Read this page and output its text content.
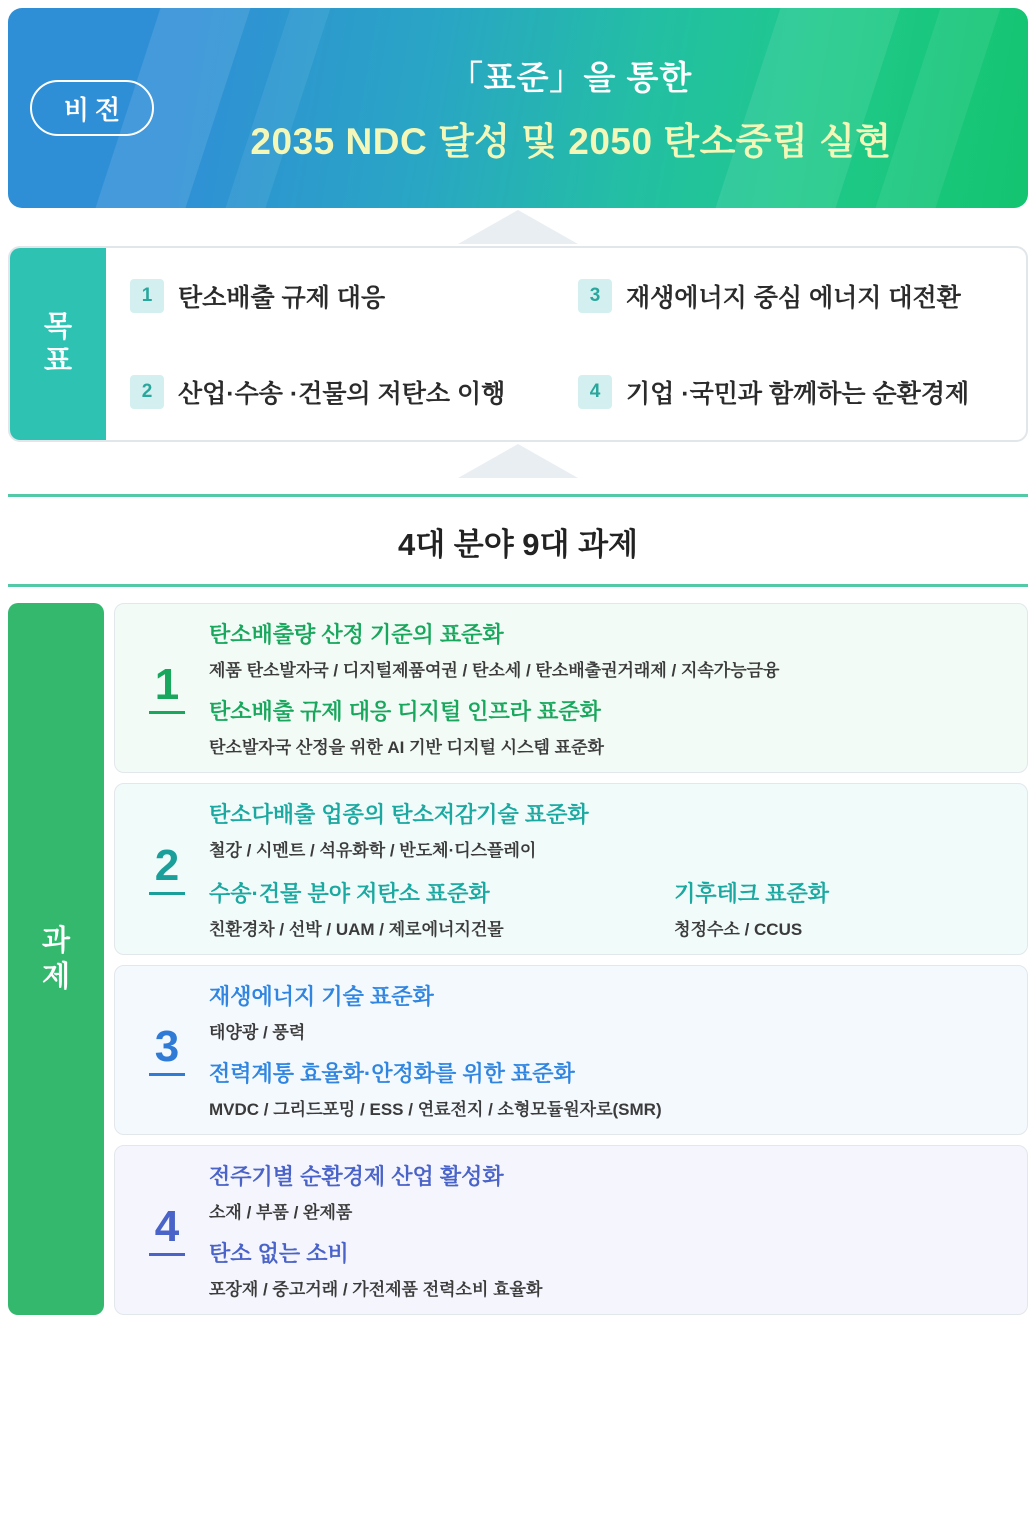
비전
「표준」을 통한
2035 NDC 달성 및 2050 탄소중립 실현
목
표
1	탄소배출 규제 대응	3	재생에너지 중심 에너지 대전환
2	산업·수송 ·건물의 저탄소 이행	4	기업 ·국민과 함께하는 순환경제
4대 분야 9대 과제
과
제
1
탄소배출량 산정 기준의 표준화
제품 탄소발자국 / 디지털제품여권 / 탄소세 / 탄소배출권거래제 / 지속가능금융
탄소배출 규제 대응 디지털 인프라 표준화
탄소발자국 산정을 위한 AI 기반 디지털 시스템 표준화
2
탄소다배출 업종의 탄소저감기술 표준화
철강 / 시멘트 / 석유화학 / 반도체·디스플레이
수송·건물 분야 저탄소 표준화
친환경차 / 선박 / UAM / 제로에너지건물
기후테크 표준화
청정수소 / CCUS
3
재생에너지 기술 표준화
태양광 / 풍력
전력계통 효율화·안정화를 위한 표준화
MVDC / 그리드포밍 / ESS / 연료전지 / 소형모듈원자로(SMR)
4
전주기별 순환경제 산업 활성화
소재 / 부품 / 완제품
탄소 없는 소비
포장재 / 중고거래 / 가전제품 전력소비 효율화
